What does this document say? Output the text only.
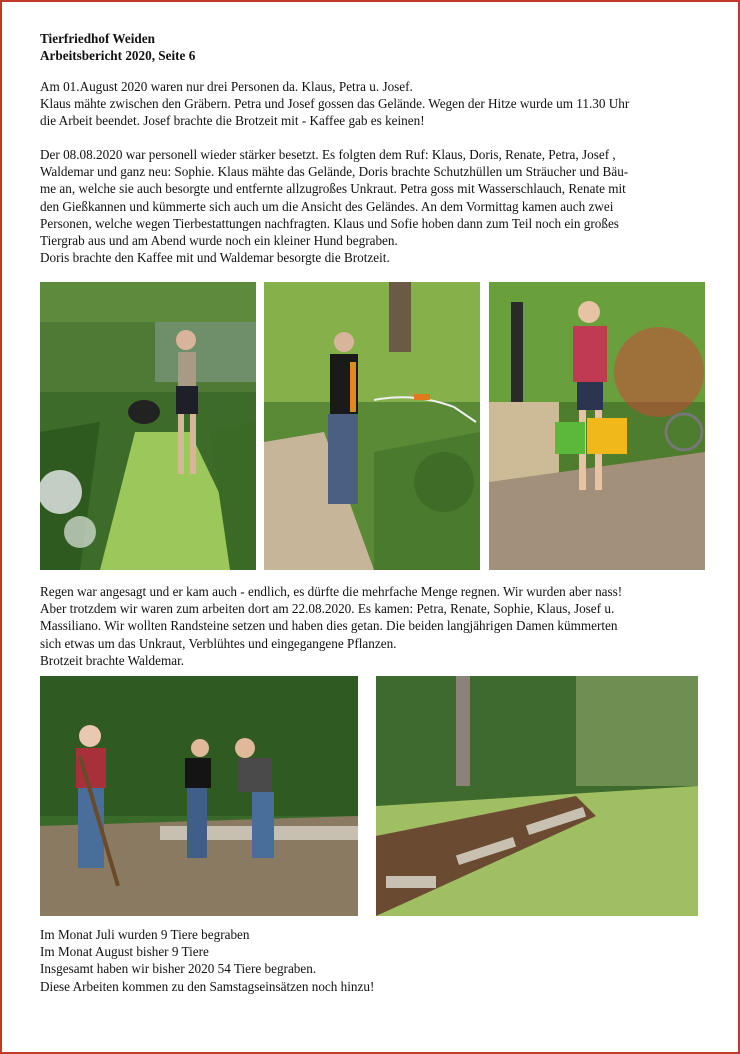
Tierfriedhof Weiden

Arbeitsbericht 2020, Seite 6

Am 01.August 2020 waren nur drei Personen da. Klaus, Petra u. Josef.

Klaus mähte zwischen den Gräbern. Petra und Josef gossen das Gelände. Wegen der Hitze wurde um 11.30 Uhr

die Arbeit beendet. Josef brachte die Brotzeit mit - Kaffee gab es keinen!

Der 08.08.2020 war personell wieder stärker besetzt. Es folgten dem Ruf: Klaus, Doris, Renate, Petra, Josef ,

Waldemar und ganz neu: Sophie. Klaus mähte das Gelände, Doris brachte Schutzhüllen um Sträucher und Bäu-

me an, welche sie auch besorgte und entfernte allzugroßes Unkraut. Petra goss mit Wasserschlauch, Renate mit

den Gießkannen und kümmerte sich auch um die Ansicht des Geländes. An dem Vormittag kamen auch zwei

Personen, welche wegen Tierbestattungen nachfragten. Klaus und Sofie hoben dann zum Teil noch ein großes

Tiergrab aus und am Abend wurde noch ein kleiner Hund begraben.

Doris brachte den Kaffee mit und Waldemar besorgte die Brotzeit.

Regen war angesagt und er kam auch - endlich, es dürfte die mehrfache Menge regnen. Wir wurden aber nass!

Aber trotzdem wir waren zum arbeiten dort am 22.08.2020. Es kamen: Petra, Renate, Sophie, Klaus, Josef u.

Massiliano. Wir wollten Randsteine setzen und haben dies getan. Die beiden langjährigen Damen kümmerten

sich etwas um das Unkraut, Verblühtes und eingegangene Pflanzen.

Brotzeit brachte Waldemar.

Im Monat Juli wurden 9 Tiere begraben

Im Monat August bisher 9 Tiere

Insgesamt haben wir bisher 2020 54 Tiere begraben.

Diese Arbeiten kommen zu den Samstagseinsätzen noch hinzu!
